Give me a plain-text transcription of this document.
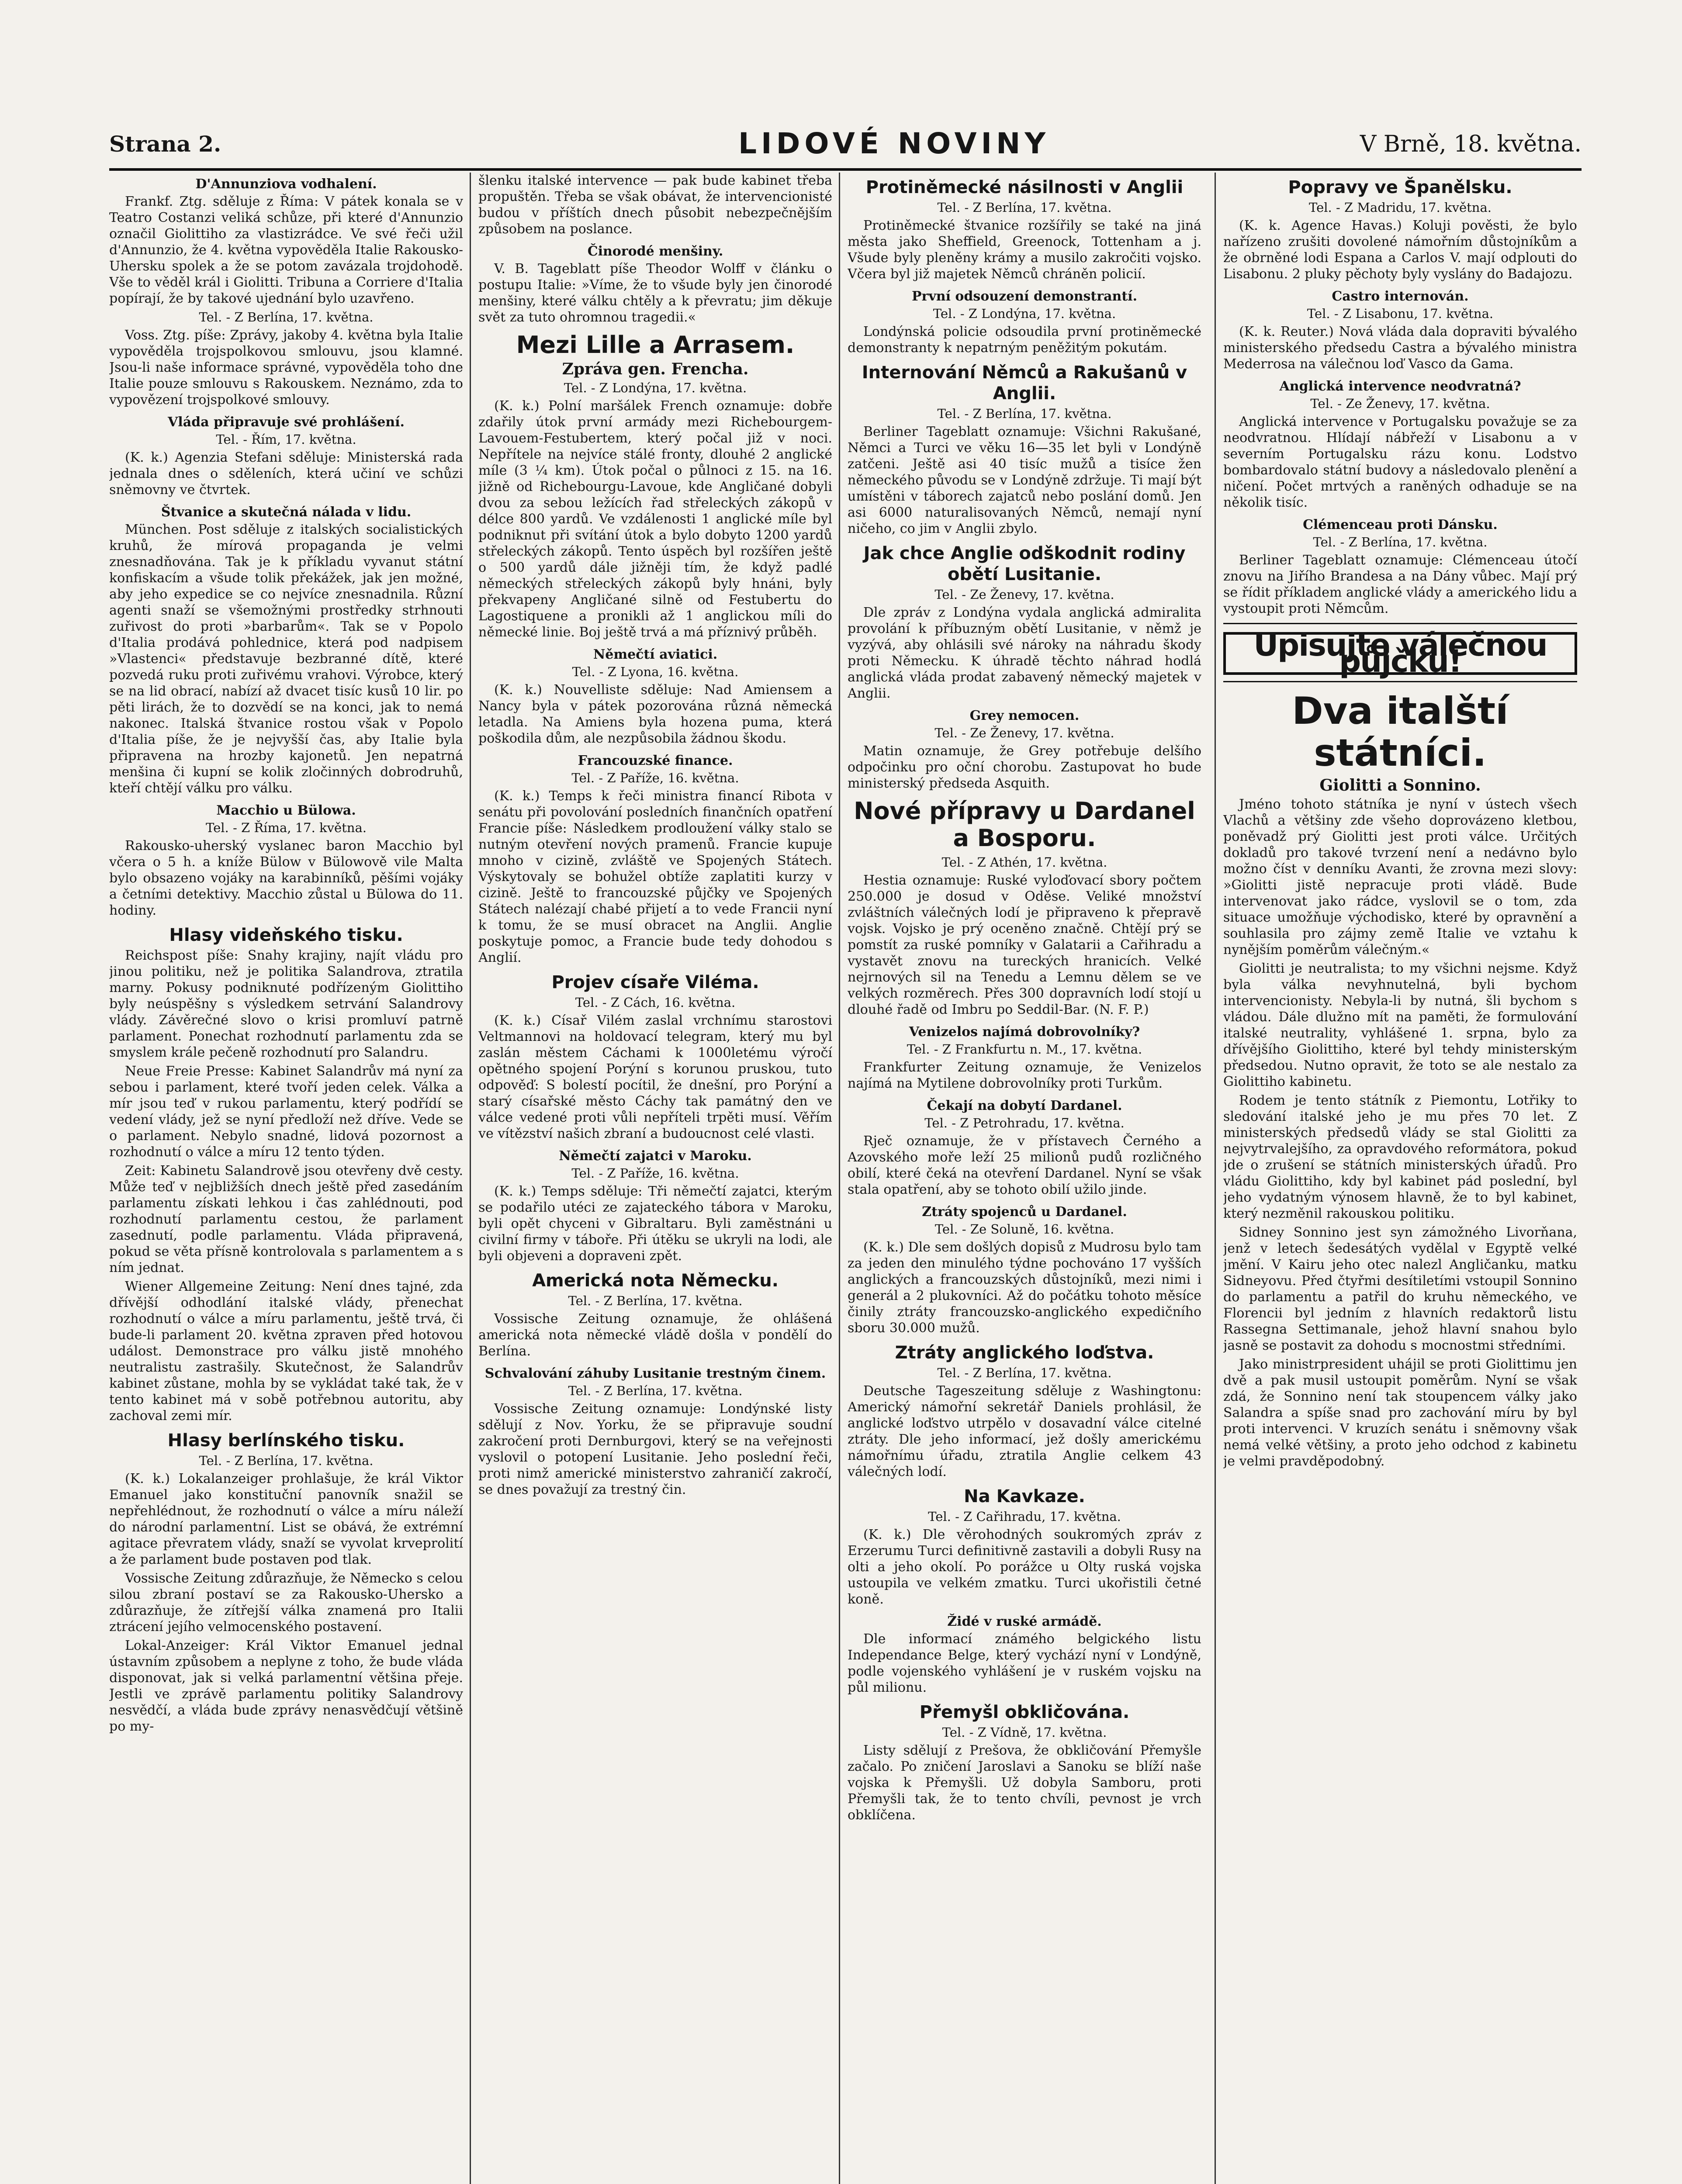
Strana 2.	LIDOVÉ NOVINY	V Brně, 18. května.
D'Annunziova vodhalení.

Frankf. Ztg. sděluje z Říma: V pátek konala se v Teatro Costanzi veliká schůze, při které d'Annunzio označil Giolittiho za vlastizrádce. Ve své řeči užil d'Annunzio, že 4. května vypověděla Italie Rakousko-Uhersku spolek a že se potom zavázala trojdohodě. Vše to věděl král i Giolitti. Tribuna a Corriere d'Italia popírají, že by takové ujednání bylo uzavřeno.

Tel. - Z Berlína, 17. května.

Voss. Ztg. píše: Zprávy, jakoby 4. května byla Italie vypověděla trojspolkovou smlouvu, jsou klamné. Jsou-li naše informace správné, vypověděla toho dne Italie pouze smlouvu s Rakouskem. Neznámo, zda to vypovězení trojspolkové smlouvy.

Vláda připravuje své prohlášení.
Tel. - Řím, 17. května.

(K. k.) Agenzia Stefani sděluje: Ministerská rada jednala dnes o sděleních, která učiní ve schůzi sněmovny ve čtvrtek.

Štvanice a skutečná nálada v lidu.

München. Post sděluje z italských socialistických kruhů, že mírová propaganda je velmi znesnadňována. Tak je k příkladu vyvanut státní konfiskacím a všude tolik překážek, jak jen možné, aby jeho expedice se co nejvíce znesnadnila. Různí agenti snaží se všemožnými prostředky strhnouti zuřivost do proti »barbarům«. Tak se v Popolo d'Italia prodává pohlednice, která pod nadpisem »Vlastenci« představuje bezbranné dítě, které pozvedá ruku proti zuřivému vrahovi. Výrobce, který se na lid obrací, nabízí až dvacet tisíc kusů 10 lir. po pěti lirách, že to dozvědí se na konci, jak to nemá nakonec. Italská štvanice rostou však v Popolo d'Italia píše, že je nejvyšší čas, aby Italie byla připravena na hrozby kajonetů. Jen nepatrná menšina či kupní se kolik zločinných dobrodruhů, kteří chtějí válku pro válku.

Macchio u Bülowa.
Tel. - Z Říma, 17. května.

Rakousko-uherský vyslanec baron Macchio byl včera o 5 h. a kníže Bülow v Bülowově vile Malta bylo obsazeno vojáky na karabinníků, pěšími vojáky a četními detektivy. Macchio zůstal u Bülowa do 11. hodiny.

Hlasy videňského tisku.

Reichspost píše: Snahy krajiny, najít vládu pro jinou politiku, než je politika Salandrova, ztratila marny. Pokusy podniknuté podřízeným Giolittiho byly neúspěšny s výsledkem setrvání Salandrovy vlády. Závěrečné slovo o krisi promluví patrně parlament. Ponechat rozhodnutí parlamentu zda se smyslem krále pečeně rozhodnutí pro Salandru.

Neue Freie Presse: Kabinet Salandrův má nyní za sebou i parlament, které tvoří jeden celek. Válka a mír jsou teď v rukou parlamentu, který podřídí se vedení vlády, jež se nyní předloží než dříve. Vede se o parlament. Nebylo snadné, lidová pozornost a rozhodnutí o válce a míru 12 tento týden.

Zeit: Kabinetu Salandrově jsou otevřeny dvě cesty. Může teď v nejbližších dnech ještě před zasedáním parlamentu získati lehkou i čas zahlédnouti, pod rozhodnutí parlamentu cestou, že parlament zasednutí, podle parlamentu. Vláda připravená, pokud se věta přísně kontrolovala s parlamentem a s ním jednat.

Wiener Allgemeine Zeitung: Není dnes tajné, zda dřívější odhodlání italské vlády, přenechat rozhodnutí o válce a míru parlamentu, ještě trvá, či bude-li parlament 20. května zpraven před hotovou událost. Demonstrace pro válku jistě mnohého neutralistu zastrašily. Skutečnost, že Salandrův kabinet zůstane, mohla by se vykládat také tak, že v tento kabinet má v sobě potřebnou autoritu, aby zachoval zemi mír.

Hlasy berlínského tisku.
Tel. - Z Berlína, 17. května.

(K. k.) Lokalanzeiger prohlašuje, že král Viktor Emanuel jako konstituční panovník snažil se nepřehlédnout, že rozhodnutí o válce a míru náleží do národní parlamentní. List se obává, že extrémní agitace převratem vlády, snaží se vyvolat krveprolití a že parlament bude postaven pod tlak.

Vossische Zeitung zdůrazňuje, že Německo s celou silou zbraní postaví se za Rakousko-Uhersko a zdůrazňuje, že zítřejší válka znamená pro Italii ztrácení jejího velmocenského postavení.

Lokal-Anzeiger: Král Viktor Emanuel jednal ústavním způsobem a neplyne z toho, že bude vláda disponovat, jak si velká parlamentní většina přeje. Jestli ve zprávě parlamentu politiky Salandrovy nesvědčí, a vláda bude zprávy nenasvědčují většině po my-

šlenku italské intervence — pak bude kabinet třeba propuštěn. Třeba se však obávat, že intervencionisté budou v příštích dnech působit nebezpečnějším způsobem na poslance.

Činorodé menšiny.

V. B. Tageblatt píše Theodor Wolff v článku o postupu Italie: »Víme, že to všude byly jen činorodé menšiny, které válku chtěly a k převratu; jim děkuje svět za tuto ohromnou tragedii.«

Mezi Lille a Arrasem.
Zpráva gen. Frencha.
Tel. - Z Londýna, 17. května.

(K. k.) Polní maršálek French oznamuje: dobře zdařily útok první armády mezi Richebourgem-Lavouem-Festubertem, který počal již v noci. Nepřítele na nejvíce stálé fronty, dlouhé 2 anglické míle (3 ¼ km). Útok počal o půlnoci z 15. na 16. jižně od Richebourgu-Lavoue, kde Angličané dobyli dvou za sebou ležících řad střeleckých zákopů v délce 800 yardů. Ve vzdálenosti 1 anglické míle byl podniknut při svítání útok a bylo dobyto 1200 yardů střeleckých zákopů. Tento úspěch byl rozšířen ještě o 500 yardů dále jižněji tím, že když padlé německých střeleckých zákopů byly hnáni, byly překvapeny Angličané silně od Festubertu do Lagostiquene a pronikli až 1 anglickou míli do německé linie. Boj ještě trvá a má příznivý průběh.

Němečtí aviatici.
Tel. - Z Lyona, 16. května.

(K. k.) Nouvelliste sděluje: Nad Amiensem a Nancy byla v pátek pozorována různá německá letadla. Na Amiens byla hozena puma, která poškodila dům, ale nezpůsobila žádnou škodu.

Francouzské finance.
Tel. - Z Paříže, 16. května.

(K. k.) Temps k řeči ministra financí Ribota v senátu při povolování posledních finančních opatření Francie píše: Následkem prodloužení války stalo se nutným otevření nových pramenů. Francie kupuje mnoho v cizině, zvláště ve Spojených Státech. Výskytovaly se bohužel obtíže zaplatiti kurzy v cizině. Ještě to francouzské půjčky ve Spojených Státech nalézají chabé přijetí a to vede Francii nyní k tomu, že se musí obracet na Anglii. Anglie poskytuje pomoc, a Francie bude tedy dohodou s Anglií.

Projev císaře Viléma.
Tel. - Z Cách, 16. května.

(K. k.) Císař Vilém zaslal vrchnímu starostovi Veltmannovi na holdovací telegram, který mu byl zaslán městem Cáchami k 1000letému výročí opětného spojení Porýní s korunou pruskou, tuto odpověď: S bolestí pocítil, že dnešní, pro Porýní a starý císařské město Cáchy tak památný den ve válce vedené proti vůli nepříteli trpěti musí. Věřím ve vítězství našich zbraní a budoucnost celé vlasti.

Němečtí zajatci v Maroku.
Tel. - Z Paříže, 16. května.

(K. k.) Temps sděluje: Tři němečtí zajatci, kterým se podařilo utéci ze zajateckého tábora v Maroku, byli opět chyceni v Gibraltaru. Byli zaměstnáni u civilní firmy v táboře. Při útěku se ukryli na lodi, ale byli objeveni a dopraveni zpět.

Americká nota Německu.
Tel. - Z Berlína, 17. května.

Vossische Zeitung oznamuje, že ohlášená americká nota německé vládě došla v pondělí do Berlína.

Schvalování záhuby Lusitanie trestným činem.
Tel. - Z Berlína, 17. května.

Vossische Zeitung oznamuje: Londýnské listy sdělují z Nov. Yorku, že se připravuje soudní zakročení proti Dernburgovi, který se na veřejnosti vyslovil o potopení Lusitanie. Jeho poslední řeči, proti nimž americké ministerstvo zahraničí zakročí, se dnes považují za trestný čin.

Protiněmecké násilnosti v Anglii
Tel. - Z Berlína, 17. května.

Protiněmecké štvanice rozšířily se také na jiná města jako Sheffield, Greenock, Tottenham a j. Všude byly pleněny krámy a musilo zakročiti vojsko. Včera byl již majetek Němců chráněn policií.

První odsouzení demonstrantí.
Tel. - Z Londýna, 17. května.

Londýnská policie odsoudila první protiněmecké demonstranty k nepatrným peněžitým pokutám.

Internování Němců a Rakušanů v Anglii.
Tel. - Z Berlína, 17. května.

Berliner Tageblatt oznamuje: Všichni Rakušané, Němci a Turci ve věku 16—35 let byli v Londýně zatčeni. Ještě asi 40 tisíc mužů a tisíce žen německého původu se v Londýně zdržuje. Ti mají být umístěni v táborech zajatců nebo poslání domů. Jen asi 6000 naturalisovaných Němců, nemají nyní ničeho, co jim v Anglii zbylo.

Jak chce Anglie odškodnit rodiny obětí Lusitanie.
Tel. - Ze Ženevy, 17. května.

Dle zpráv z Londýna vydala anglická admiralita provolání k příbuzným obětí Lusitanie, v němž je vyzývá, aby ohlásili své nároky na náhradu škody proti Německu. K úhradě těchto náhrad hodlá anglická vláda prodat zabavený německý majetek v Anglii.

Grey nemocen.
Tel. - Ze Ženevy, 17. května.

Matin oznamuje, že Grey potřebuje delšího odpočinku pro oční chorobu. Zastupovat ho bude ministerský předseda Asquith.

Nové přípravy u Dardanel a Bosporu.
Tel. - Z Athén, 17. května.

Hestia oznamuje: Ruské vyloďovací sbory počtem 250.000 je dosud v Oděse. Veliké množství zvláštních válečných lodí je připraveno k přepravě vojsk. Vojsko je prý oceněno značně. Chtějí prý se pomstít za ruské pomníky v Galatarii a Cařihradu a vystavět znovu na tureckých hranicích. Velké nejrnových sil na Tenedu a Lemnu dělem se ve velkých rozměrech. Přes 300 dopravních lodí stojí u dlouhé řadě od Imbru po Seddil-Bar. (N. F. P.)

Venizelos najímá dobrovolníky?
Tel. - Z Frankfurtu n. M., 17. května.

Frankfurter Zeitung oznamuje, že Venizelos najímá na Mytilene dobrovolníky proti Turkům.

Čekají na dobytí Dardanel.
Tel. - Z Petrohradu, 17. května.

Rječ oznamuje, že v přístavech Černého a Azovského moře leží 25 milionů pudů rozličného obilí, které čeká na otevření Dardanel. Nyní se však stala opatření, aby se tohoto obilí užilo jinde.

Ztráty spojenců u Dardanel.
Tel. - Ze Soluně, 16. května.

(K. k.) Dle sem došlých dopisů z Mudrosu bylo tam za jeden den minulého týdne pochováno 17 vyšších anglických a francouzských důstojníků, mezi nimi i generál a 2 plukovníci. Až do počátku tohoto měsíce činily ztráty francouzsko-anglického expedičního sboru 30.000 mužů.

Ztráty anglického loďstva.
Tel. - Z Berlína, 17. května.

Deutsche Tageszeitung sděluje z Washingtonu: Americký námořní sekretář Daniels prohlásil, že anglické loďstvo utrpělo v dosavadní válce citelné ztráty. Dle jeho informací, jež došly americkému námořnímu úřadu, ztratila Anglie celkem 43 válečných lodí.

Na Kavkaze.
Tel. - Z Cařihradu, 17. května.

(K. k.) Dle věrohodných soukromých zpráv z Erzerumu Turci definitivně zastavili a dobyli Rusy na olti a jeho okolí. Po porážce u Olty ruská vojska ustoupila ve velkém zmatku. Turci ukořistili četné koně.

Židé v ruské armádě.

Dle informací známého belgického listu Independance Belge, který vychází nyní v Londýně, podle vojenského vyhlášení je v ruském vojsku na půl milionu.

Přemyšl obkličována.
Tel. - Z Vídně, 17. května.

Listy sdělují z Prešova, že obkličování Přemyšle začalo. Po zničení Jaroslavi a Sanoku se blíží naše vojska k Přemyšli. Už dobyla Samboru, proti Přemyšli tak, že to tento chvíli, pevnost je vrch obklíčena.

Popravy ve Španělsku.
Tel. - Z Madridu, 17. května.

(K. k. Agence Havas.) Koluji pověsti, že bylo nařízeno zrušiti dovolené námořním důstojníkům a že obrněné lodi Espana a Carlos V. mají odplouti do Lisabonu. 2 pluky pěchoty byly vyslány do Badajozu.

Castro internován.
Tel. - Z Lisabonu, 17. května.

(K. k. Reuter.) Nová vláda dala dopraviti bývalého ministerského předsedu Castra a bývalého ministra Mederrosa na válečnou loď Vasco da Gama.

Anglická intervence neodvratná?
Tel. - Ze Ženevy, 17. května.

Anglická intervence v Portugalsku považuje se za neodvratnou. Hlídají nábřeží v Lisabonu a v severním Portugalsku rázu konu. Lodstvo bombardovalo státní budovy a následovalo plenění a ničení. Počet mrtvých a raněných odhaduje se na několik tisíc.

Clémenceau proti Dánsku.
Tel. - Z Berlína, 17. května.

Berliner Tageblatt oznamuje: Clémenceau útočí znovu na Jiřího Brandesa a na Dány vůbec. Mají prý se řídit příkladem anglické vlády a amerického lidu a vystoupit proti Němcům.

Upisujte válečnou půjčku!
Dva italští státníci.
Giolitti a Sonnino.

Jméno tohoto státníka je nyní v ústech všech Vlachů a většiny zde všeho doprovázeno kletbou, poněvadž prý Giolitti jest proti válce. Určitých dokladů pro takové tvrzení není a nedávno bylo možno číst v denníku Avanti, že zrovna mezi slovy: »Giolitti jistě nepracuje proti vládě. Bude intervenovat jako rádce, vyslovil se o tom, zda situace umožňuje východisko, které by opravnění a souhlasila pro zájmy země Italie ve vztahu k nynějším poměrům válečným.«

Giolitti je neutralista; to my všichni nejsme. Když byla válka nevyhnutelná, byli bychom intervencionisty. Nebyla-li by nutná, šli bychom s vládou. Dále dlužno mít na paměti, že formulování italské neutrality, vyhlášené 1. srpna, bylo za dřívějšího Giolittiho, které byl tehdy ministerským předsedou. Nutno opravit, že toto se ale nestalo za Giolittiho kabinetu.

Rodem je tento státník z Piemontu, Lotřiky to sledování italské jeho je mu přes 70 let. Z ministerských předsedů vlády se stal Giolitti za nejvytrvalejšího, za opravdového reformátora, pokud jde o zrušení se státních ministerských úřadů. Pro vládu Giolittiho, kdy byl kabinet pád poslední, byl jeho vydatným výnosem hlavně, že to byl kabinet, který nezměnil rakouskou politiku.

Sidney Sonnino jest syn zámožného Livorňana, jenž v letech šedesátých vydělal v Egyptě velké jmění. V Kairu jeho otec nalezl Angličanku, matku Sidneyovu. Před čtyřmi desítiletími vstoupil Sonnino do parlamentu a patřil do kruhu německého, ve Florencii byl jedním z hlavních redaktorů listu Rassegna Settimanale, jehož hlavní snahou bylo jasně se postavit za dohodu s mocnostmi středními.

Jako ministrpresident uhájil se proti Giolittimu jen dvě a pak musil ustoupit poměrům. Nyní se však zdá, že Sonnino není tak stoupencem války jako Salandra a spíše snad pro zachování míru by byl proti intervenci. V kruzích senátu i sněmovny však nemá velké většiny, a proto jeho odchod z kabinetu je velmi pravděpodobný.
